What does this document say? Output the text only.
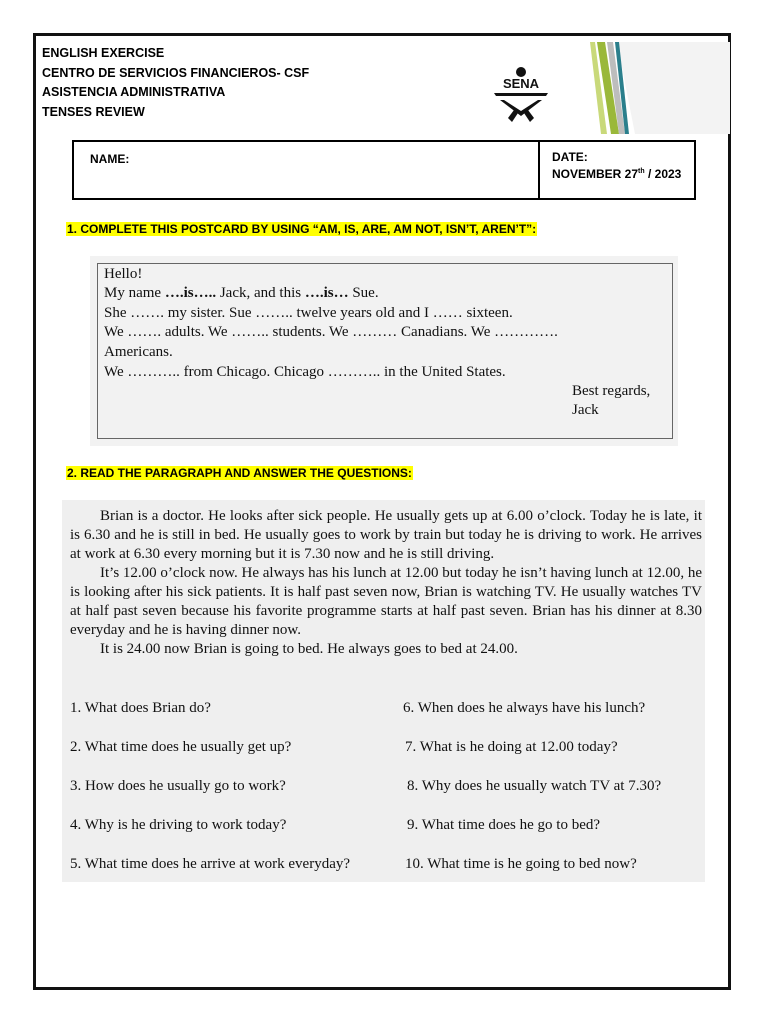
ENGLISH EXERCISE
CENTRO DE SERVICIOS FINANCIEROS- CSF
ASISTENCIA ADMINISTRATIVA
TENSES REVIEW
SENA
NAME:	DATE:
NOVEMBER 27th / 2023
1. COMPLETE THIS POSTCARD BY USING “AM, IS, ARE, AM NOT, ISN’T, AREN’T”:
Hello!
My name ….is….. Jack, and this ….is… Sue.
She ……. my sister. Sue …….. twelve years old and I …… sixteen.
We ……. adults. We …….. students. We ……… Canadians. We ………….
Americans.
We ……….. from Chicago. Chicago ……….. in the United States.
Best regards,
Jack
2. READ THE PARAGRAPH AND ANSWER THE QUESTIONS:

Brian is a doctor. He looks after sick people. He usually gets up at 6.00 o’clock. Today he is late, it is 6.30 and he is still in bed. He usually goes to work by train but today he is driving to work. He arrives at work at 6.30 every morning but it is 7.30 now and he is still driving.

It’s 12.00 o’clock now. He always has his lunch at 12.00 but today he isn’t having lunch at 12.00, he is looking after his sick patients. It is half past seven now, Brian is watching TV. He usually watches TV at half past seven because his favorite programme starts at half past seven. Brian has his dinner at 8.30 everyday and he is having dinner now.

It is 24.00 now Brian is going to bed. He always goes to bed at 24.00.

1. What does Brian do?
2. What time does he usually get up?
3. How does he usually go to work?
4. Why is he driving to work today?
5. What time does he arrive at work everyday?
6. When does he always have his lunch?
7. What is he doing at 12.00 today?
8. Why does he usually watch TV at 7.30?
9. What time does he go to bed?
10. What time is he going to bed now?
